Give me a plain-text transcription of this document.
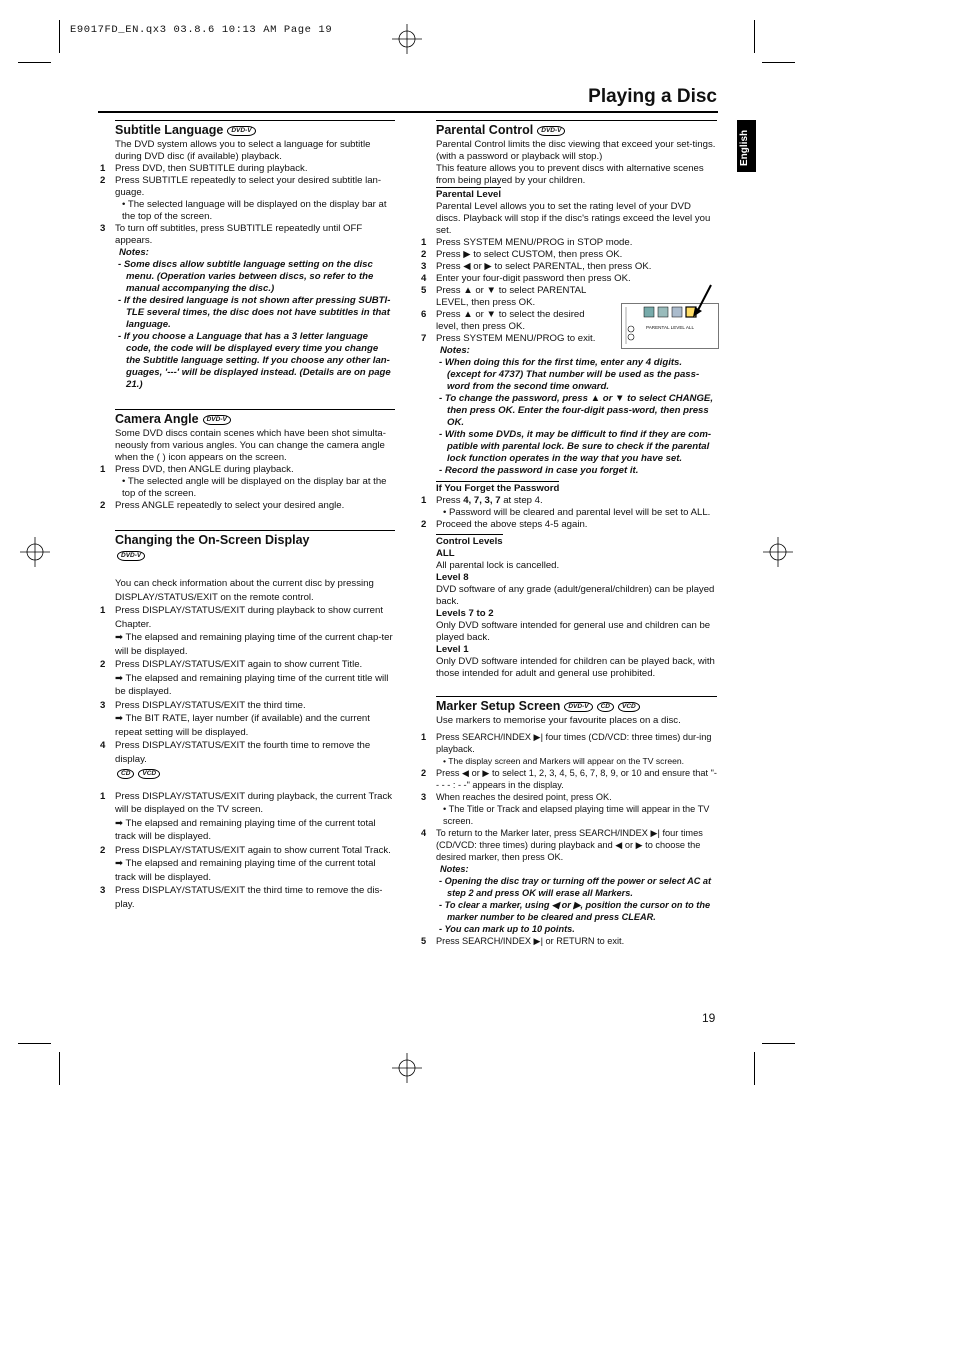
E9017FD_EN.qx3 03.8.6 10:13 AM Page 19
Playing a Disc
English
Subtitle Language DVD-V

The DVD system allows you to select a language for subtitle during DVD disc (if available) playback.

1 Press DVD, then SUBTITLE during playback.

2 Press SUBTITLE repeatedly to select your desired subtitle lan-guage.

• The selected language will be displayed on the display bar at the top of the screen.

3 To turn off subtitles, press SUBTITLE repeatedly until OFF appears.

Notes:

- Some discs allow subtitle language setting on the disc menu. (Operation varies between discs, so refer to the manual accompanying the disc.)

- If the desired language is not shown after pressing SUBTI-TLE several times, the disc does not have subtitles in that language.

- If you choose a Language that has a 3 letter language code, the code will be displayed every time you change the Subtitle language setting. If you choose any other lan-guages, '---' will be displayed instead. (Details are on page 21.)

Camera Angle DVD-V

Some DVD discs contain scenes which have been shot simulta-neously from various angles. You can change the camera angle when the ( ) icon appears on the screen.

1 Press DVD, then ANGLE during playback.

• The selected angle will be displayed on the display bar at the top of the screen.

2 Press ANGLE repeatedly to select your desired angle.

Changing the On-Screen Display

DVD-V

You can check information about the current disc by pressing DISPLAY/STATUS/EXIT on the remote control.

1 Press DISPLAY/STATUS/EXIT during playback to show current Chapter.

➡ The elapsed and remaining playing time of the current chap-ter will be displayed.

2 Press DISPLAY/STATUS/EXIT again to show current Title.

➡ The elapsed and remaining playing time of the current title will be displayed.

3 Press DISPLAY/STATUS/EXIT the third time.

➡ The BIT RATE, layer number (if available) and the current repeat setting will be displayed.

4 Press DISPLAY/STATUS/EXIT the fourth time to remove the display.

CD VCD

1 Press DISPLAY/STATUS/EXIT during playback, the current Track will be displayed on the TV screen.

➡ The elapsed and remaining playing time of the current total track will be displayed.

2 Press DISPLAY/STATUS/EXIT again to show current Total Track.

➡ The elapsed and remaining playing time of the current total track will be displayed.

3 Press DISPLAY/STATUS/EXIT the third time to remove the dis-play.

Parental Control DVD-V

Parental Control limits the disc viewing that exceed your set-tings. (with a password or playback will stop.)

This feature allows you to prevent discs with alternative scenes from being played by your children.

Parental Level

Parental Level allows you to set the rating level of your DVD discs. Playback will stop if the disc's ratings exceed the level you set.

1 Press SYSTEM MENU/PROG in STOP mode.

2 Press ▶ to select CUSTOM, then press OK.

3 Press ◀ or ▶ to select PARENTAL, then press OK.

4 Enter your four-digit password then press OK.

5 Press ▲ or ▼ to select PARENTAL LEVEL, then press OK.

6 Press ▲ or ▼ to select the desired level, then press OK.

7 Press SYSTEM MENU/PROG to exit.

Notes:

- When doing this for the first time, enter any 4 digits. (except for 4737) That number will be used as the pass-word from the second time onward.

- To change the password, press ▲ or ▼ to select CHANGE, then press OK. Enter the four-digit pass-word, then press OK.

- With some DVDs, it may be difficult to find if they are com-patible with parental lock. Be sure to check if the parental lock function operates in the way that you have set.

- Record the password in case you forget it.

If You Forget the Password

1 Press 4, 7, 3, 7 at step 4.

• Password will be cleared and parental level will be set to ALL.

2 Proceed the above steps 4-5 again.

Control Levels

ALL

All parental lock is cancelled.

Level 8

DVD software of any grade (adult/general/children) can be played back.

Levels 7 to 2

Only DVD software intended for general use and children can be played back.

Level 1

Only DVD software intended for children can be played back, with those intended for adult and general use prohibited.

Marker Setup Screen DVD-V CD VCD

Use markers to memorise your favourite places on a disc.

1 Press SEARCH/INDEX ▶| four times (CD/VCD: three times) dur-ing playback.

• The display screen and Markers will appear on the TV screen.

2 Press ◀ or ▶ to select 1, 2, 3, 4, 5, 6, 7, 8, 9, or 10 and ensure that "- - - - : - -" appears in the display.

3 When reaches the desired point, press OK.

• The Title or Track and elapsed playing time will appear in the TV screen.

4 To return to the Marker later, press SEARCH/INDEX ▶| four times (CD/VCD: three times) during playback and ◀ or ▶ to choose the desired marker, then press OK.

Notes:

- Opening the disc tray or turning off the power or select AC at step 2 and press OK will erase all Markers.

- To clear a marker, using ◀ or ▶, position the cursor on to the marker number to be cleared and press CLEAR.

- You can mark up to 10 points.

5 Press SEARCH/INDEX ▶| or RETURN to exit.

PARENTAL LEVEL ALL
19
